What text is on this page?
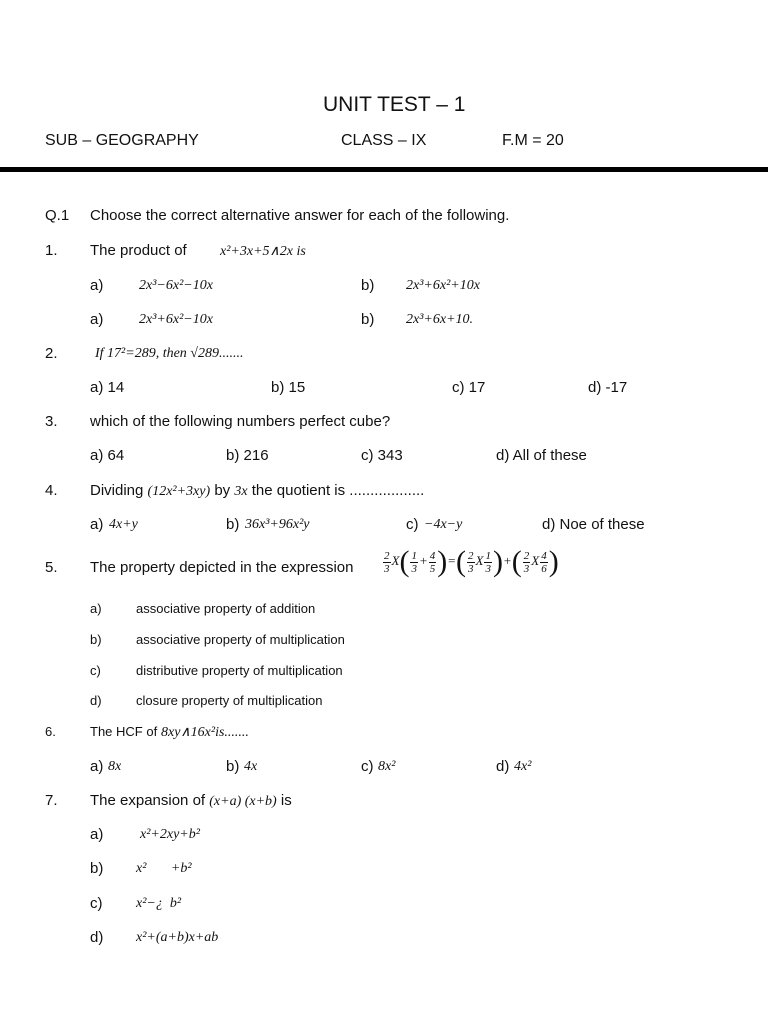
UNIT TEST – 1
SUB – GEOGRAPHY	CLASS – IX	F.M = 20
Q.1 Choose the correct alternative answer for each of the following.
1. The product of x²+3x+5∧2x is
a)	2x³−6x²−10x	b) 2x³+6x²+10x
a)	2x³+6x²−10x	b) 2x³+6x+10.
2.	If 17²=289, then √289.......
a) 14	b) 15	c) 17	d) -17
3. which of the following numbers perfect cube?
a) 64	b) 216	c) 343	d) All of these
4. Dividing (12x²+3xy) by 3x the quotient is ..................
a) 4x+y	b) 36x³+96x²y	c) −4x−y	d) Noe of these
5. The property depicted in the expression	$\frac{2}{3} X( \frac{1}{3} + \frac{4}{5}$ )=( $\frac{2}{3}$ X $\frac{1}{3}$ )+( $\frac{2}{3}$ X $\frac{4}{6}$ )
a)	associative property of addition
b)	associative property of multiplication
c)	distributive property of multiplication
d)	closure property of multiplication
6.	The HCF of 8xy∧16x²is.......
a) 8x	b) 4x	c) 8x²	d) 4x²
7. The expansion of (x+a) (x+b) is
a)	x²+2xy+b²
b) x²       +b²
c) x²−¿  b²
d) x²+(a+b)x+ab
